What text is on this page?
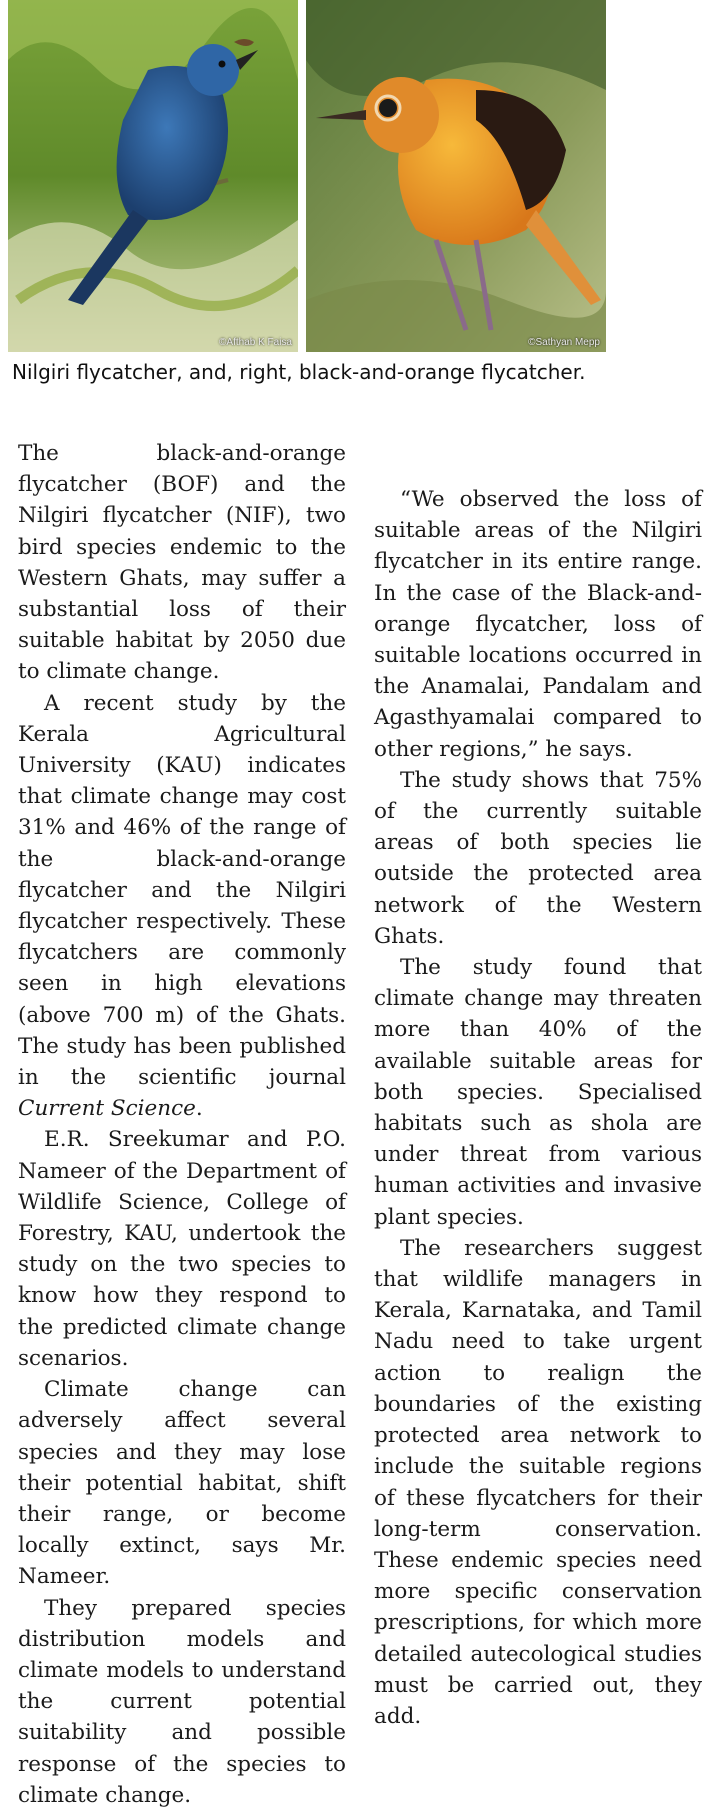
©Afthab K Faisa	©Sathyan Mepp
Nilgiri flycatcher, and, right, black-and-orange flycatcher.

The black-and-orange flycatcher (BOF) and the Nilgiri flycatcher (NIF), two bird species endemic to the Western Ghats, may suffer a substantial loss of their suitable habitat by 2050 due to climate change.

A recent study by the Kerala Agricultural University (KAU) indicates that climate change may cost 31% and 46% of the range of the black-and-orange flycatcher and the Nilgiri flycatcher respectively. These flycatchers are commonly seen in high elevations (above 700 m) of the Ghats. The study has been published in the scientific journal Current Science.

E.R. Sreekumar and P.O. Nameer of the Department of Wildlife Science, College of Forestry, KAU, undertook the study on the two species to know how they respond to the predicted climate change scenarios.

Climate change can adversely affect several species and they may lose their potential habitat, shift their range, or become locally extinct, says Mr. Nameer.

They prepared species distribution models and climate models to understand the current potential suitability and possible response of the species to climate change.

“We observed the loss of suitable areas of the Nilgiri flycatcher in its entire range. In the case of the Black-and-orange flycatcher, loss of suitable locations occurred in the Anamalai, Pandalam and Agasthyamalai compared to other regions,” he says.

The study shows that 75% of the currently suitable areas of both species lie outside the protected area network of the Western Ghats.

The study found that climate change may threaten more than 40% of the available suitable areas for both species. Specialised habitats such as shola are under threat from various human activities and invasive plant species.

The researchers suggest that wildlife managers in Kerala, Karnataka, and Tamil Nadu need to take urgent action to realign the boundaries of the existing protected area network to include the suitable regions of these flycatchers for their long-term conservation. These endemic species need more specific conservation prescriptions, for which more detailed autecological studies must be carried out, they add.
